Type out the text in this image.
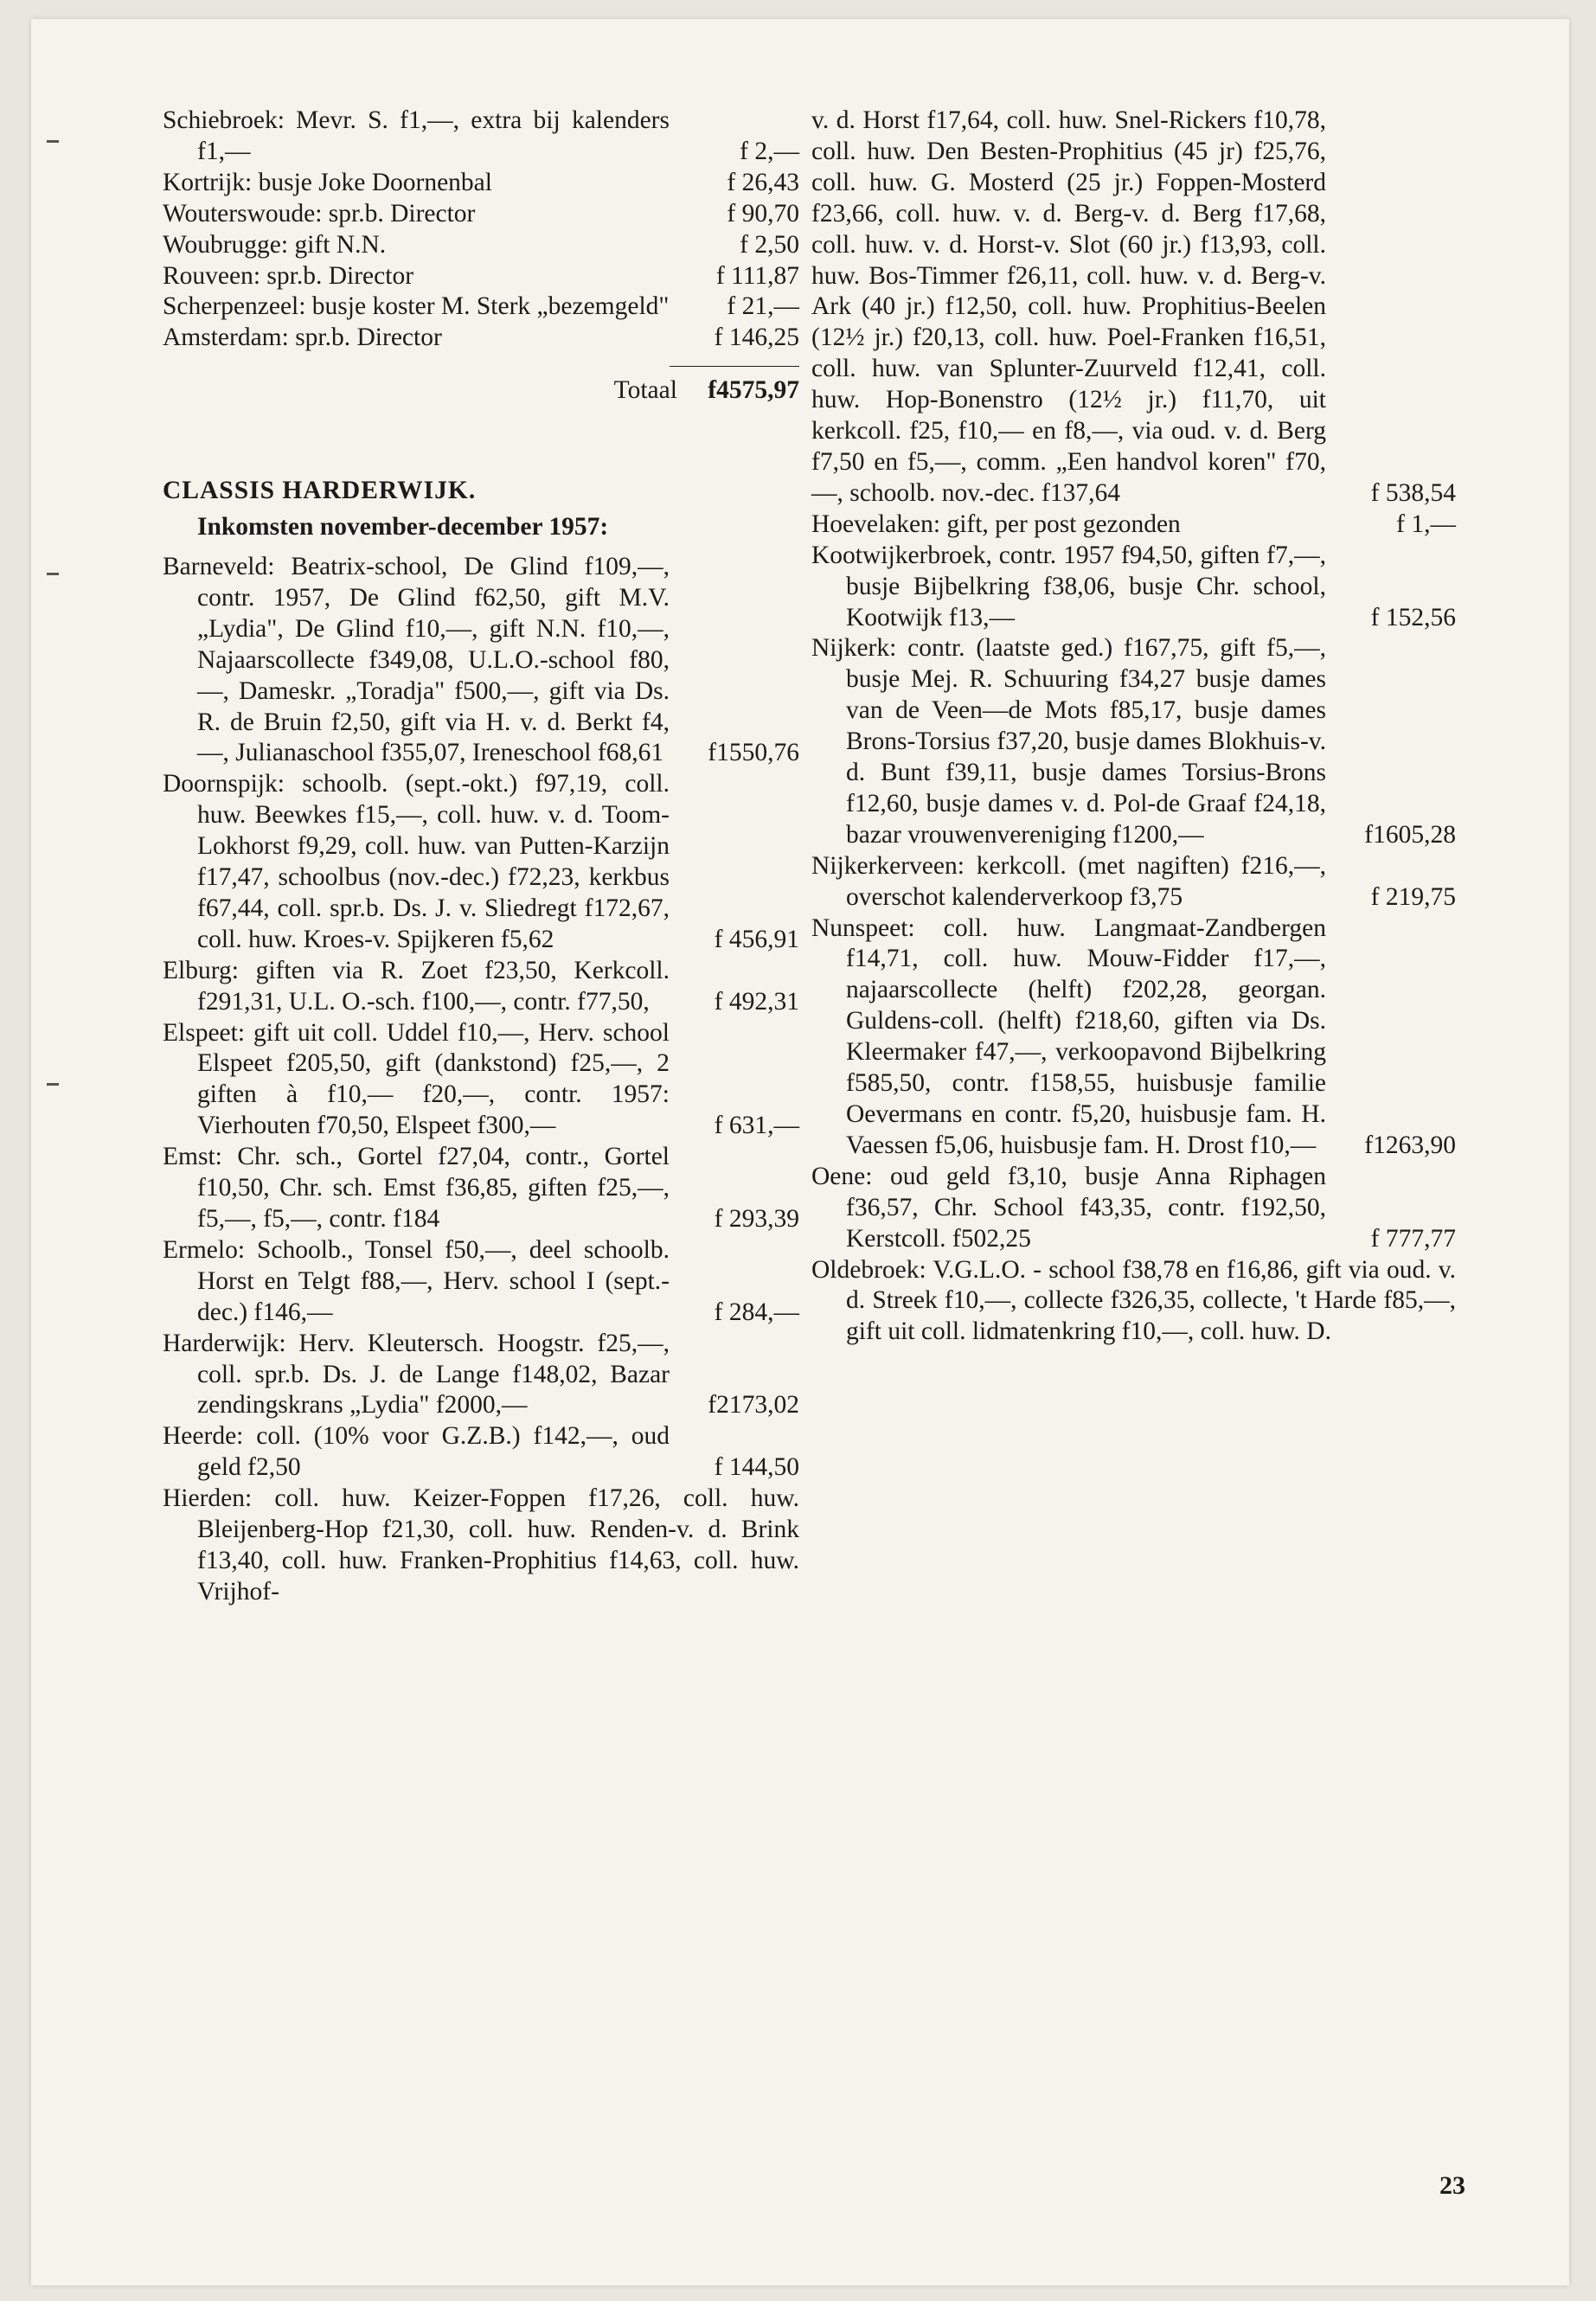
Schiebroek: Mevr. S. f1,—, extra bij kalenders f1,—	f 2,—

Kortrijk: busje Joke Doornenbal	f 26,43

Wouterswoude: spr.b. Director	f 90,70

Woubrugge: gift N.N.	f 2,50

Rouveen: spr.b. Director	f 111,87

Scherpenzeel: busje koster M. Sterk „bezemgeld"	f 21,—

Amsterdam: spr.b. Director	f 146,25
Totaal f4575,97
CLASSIS HARDERWIJK.
Inkomsten november-december 1957:

Barneveld: Beatrix-school, De Glind f109,—, contr. 1957, De Glind f62,50, gift M.V. „Lydia", De Glind f10,—, gift N.N. f10,—, Najaarscollecte f349,08, U.L.O.-school f80,—, Dameskr. „Toradja" f500,—, gift via Ds. R. de Bruin f2,50, gift via H. v. d. Berkt f4,—, Julianaschool f355,07, Ireneschool f68,61	f1550,76

Doornspijk: schoolb. (sept.-okt.) f97,19, coll. huw. Beewkes f15,—, coll. huw. v. d. Toom-Lokhorst f9,29, coll. huw. van Putten-Karzijn f17,47, schoolbus (nov.-dec.) f72,23, kerkbus f67,44, coll. spr.b. Ds. J. v. Sliedregt f172,67, coll. huw. Kroes-v. Spijkeren f5,62	f 456,91

Elburg: giften via R. Zoet f23,50, Kerkcoll. f291,31, U.L. O.-sch. f100,—, contr. f77,50,	f 492,31

Elspeet: gift uit coll. Uddel f10,—, Herv. school Elspeet f205,50, gift (dankstond) f25,—, 2 giften à f10,— f20,—, contr. 1957: Vierhouten f70,50, Elspeet f300,—	f 631,—

Emst: Chr. sch., Gortel f27,04, contr., Gortel f10,50, Chr. sch. Emst f36,85, giften f25,—, f5,—, f5,—, contr. f184	f 293,39

Ermelo: Schoolb., Tonsel f50,—, deel schoolb. Horst en Telgt f88,—, Herv. school I (sept.-dec.) f146,—	f 284,—

Harderwijk: Herv. Kleutersch. Hoogstr. f25,—, coll. spr.b. Ds. J. de Lange f148,02, Bazar zendingskrans „Lydia" f2000,—	f2173,02

Heerde: coll. (10% voor G.Z.B.) f142,—, oud geld f2,50	f 144,50

Hierden: coll. huw. Keizer-Foppen f17,26, coll. huw. Bleijenberg-Hop f21,30, coll. huw. Renden-v. d. Brink f13,40, coll. huw. Franken-Prophitius f14,63, coll. huw. Vrijhof-

v. d. Horst f17,64, coll. huw. Snel-Rickers f10,78, coll. huw. Den Besten-Prophitius (45 jr) f25,76, coll. huw. G. Mosterd (25 jr.) Foppen-Mosterd f23,66, coll. huw. v. d. Berg-v. d. Berg f17,68, coll. huw. v. d. Horst-v. Slot (60 jr.) f13,93, coll. huw. Bos-Timmer f26,11, coll. huw. v. d. Berg-v. Ark (40 jr.) f12,50, coll. huw. Prophitius-Beelen (12½ jr.) f20,13, coll. huw. Poel-Franken f16,51, coll. huw. van Splunter-Zuurveld f12,41, coll. huw. Hop-Bonenstro (12½ jr.) f11,70, uit kerkcoll. f25, f10,— en f8,—, via oud. v. d. Berg f7,50 en f5,—, comm. „Een handvol koren" f70,—, schoolb. nov.-dec. f137,64	f 538,54

Hoevelaken: gift, per post gezonden	f 1,—

Kootwijkerbroek, contr. 1957 f94,50, giften f7,—, busje Bijbelkring f38,06, busje Chr. school, Kootwijk f13,—	f 152,56

Nijkerk: contr. (laatste ged.) f167,75, gift f5,—, busje Mej. R. Schuuring f34,27 busje dames van de Veen—de Mots f85,17, busje dames Brons-Torsius f37,20, busje dames Blokhuis-v. d. Bunt f39,11, busje dames Torsius-Brons f12,60, busje dames v. d. Pol-de Graaf f24,18, bazar vrouwenvereniging f1200,—	f1605,28

Nijkerkerveen: kerkcoll. (met nagiften) f216,—, overschot kalenderverkoop f3,75	f 219,75

Nunspeet: coll. huw. Langmaat-Zandbergen f14,71, coll. huw. Mouw-Fidder f17,—, najaarscollecte (helft) f202,28, georgan. Guldens-coll. (helft) f218,60, giften via Ds. Kleermaker f47,—, verkoopavond Bijbelkring f585,50, contr. f158,55, huisbusje familie Oevermans en contr. f5,20, huisbusje fam. H. Vaessen f5,06, huisbusje fam. H. Drost f10,—	f1263,90

Oene: oud geld f3,10, busje Anna Riphagen f36,57, Chr. School f43,35, contr. f192,50, Kerstcoll. f502,25	f 777,77

Oldebroek: V.G.L.O. - school f38,78 en f16,86, gift via oud. v. d. Streek f10,—, collecte f326,35, collecte, 't Harde f85,—, gift uit coll. lidmatenkring f10,—, coll. huw. D.

23
